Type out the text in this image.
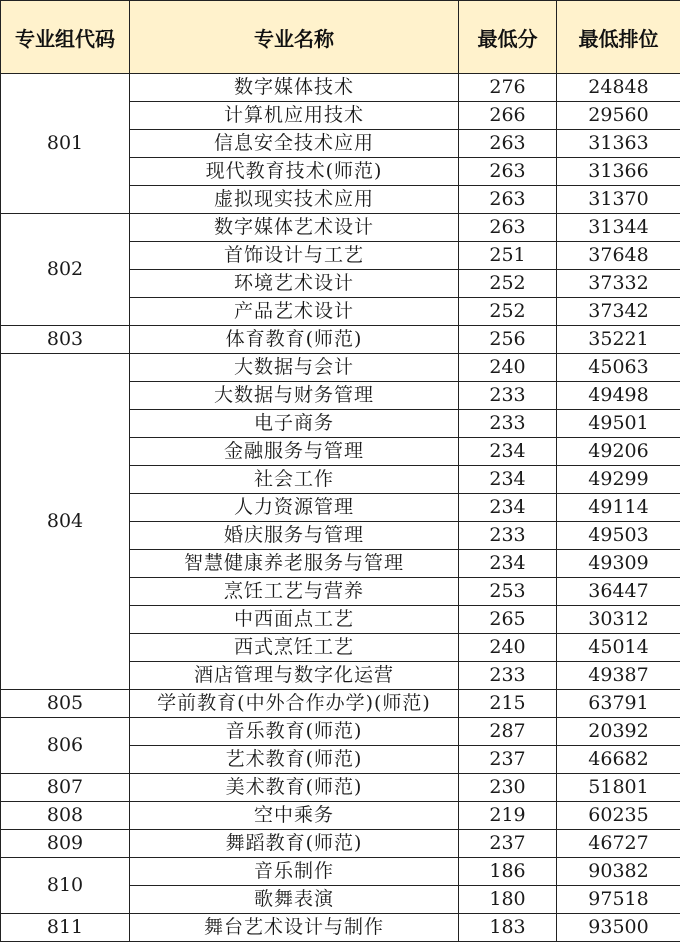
专业组代码	专业名称	最低分	最低排位
801	数字媒体技术	276	24848
	计算机应用技术	266	29560
	信息安全技术应用	263	31363
	现代教育技术(师范)	263	31366
	虚拟现实技术应用	263	31370
802	数字媒体艺术设计	263	31344
	首饰设计与工艺	251	37648
	环境艺术设计	252	37332
	产品艺术设计	252	37342
803	体育教育(师范)	256	35221
804	大数据与会计	240	45063
	大数据与财务管理	233	49498
	电子商务	233	49501
	金融服务与管理	234	49206
	社会工作	234	49299
	人力资源管理	234	49114
	婚庆服务与管理	233	49503
	智慧健康养老服务与管理	234	49309
	烹饪工艺与营养	253	36447
	中西面点工艺	265	30312
	西式烹饪工艺	240	45014
	酒店管理与数字化运营	233	49387
805	学前教育(中外合作办学)(师范)	215	63791
806	音乐教育(师范)	287	20392
	艺术教育(师范)	237	46682
807	美术教育(师范)	230	51801
808	空中乘务	219	60235
809	舞蹈教育(师范)	237	46727
810	音乐制作	186	90382
	歌舞表演	180	97518
811	舞台艺术设计与制作	183	93500
